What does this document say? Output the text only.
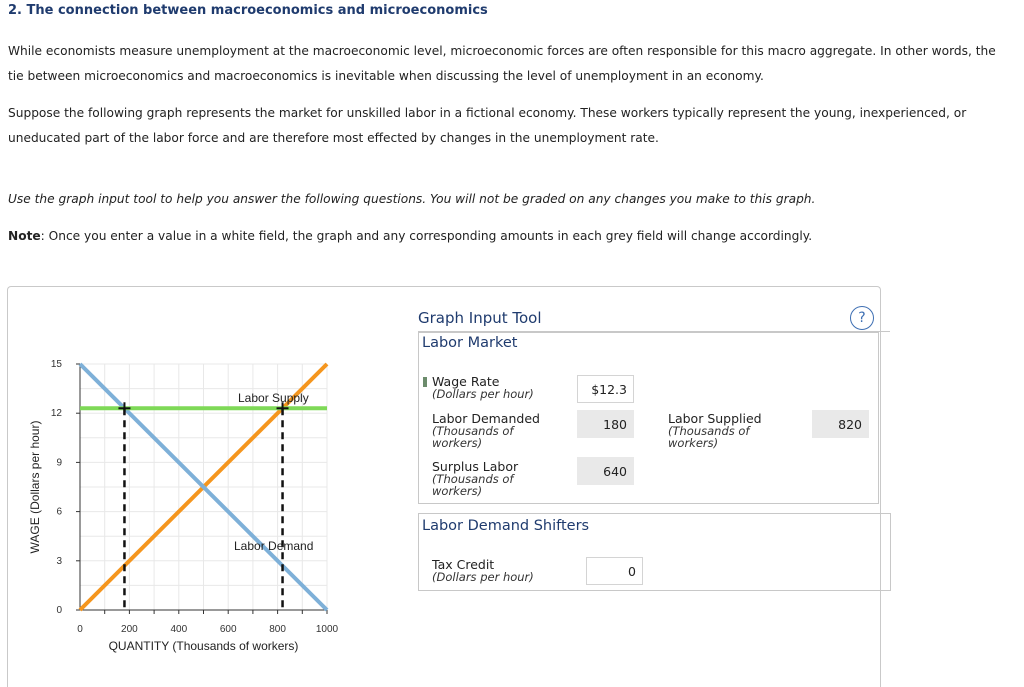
2. The connection between macroeconomics and microeconomics

While economists measure unemployment at the macroeconomic level, microeconomic forces are often responsible for this macro aggregate. In other words, the tie between microeconomics and macroeconomics is inevitable when discussing the level of unemployment in an economy.

Suppose the following graph represents the market for unskilled labor in a fictional economy. These workers typically represent the young, inexperienced, or uneducated part of the labor force and are therefore most effected by changes in the unemployment rate.

Use the graph input tool to help you answer the following questions. You will not be graded on any changes you make to this graph.

Note: Once you enter a value in a white field, the graph and any corresponding amounts in each grey field will change accordingly.

0
3
6
9
12
15
0	200	400	600	800	1000
QUANTITY (Thousands of workers)
WAGE (Dollars per hour)
Labor Supply
Labor Demand
Graph Input Tool	?
Labor Market
Wage Rate
(Dollars per hour)	$12.3
Labor Demanded
(Thousands of
workers)
180	Labor Supplied
(Thousands of
workers)
820
Surplus Labor
(Thousands of
workers)
640
Labor Demand Shifters
Tax Credit
(Dollars per hour)	0
